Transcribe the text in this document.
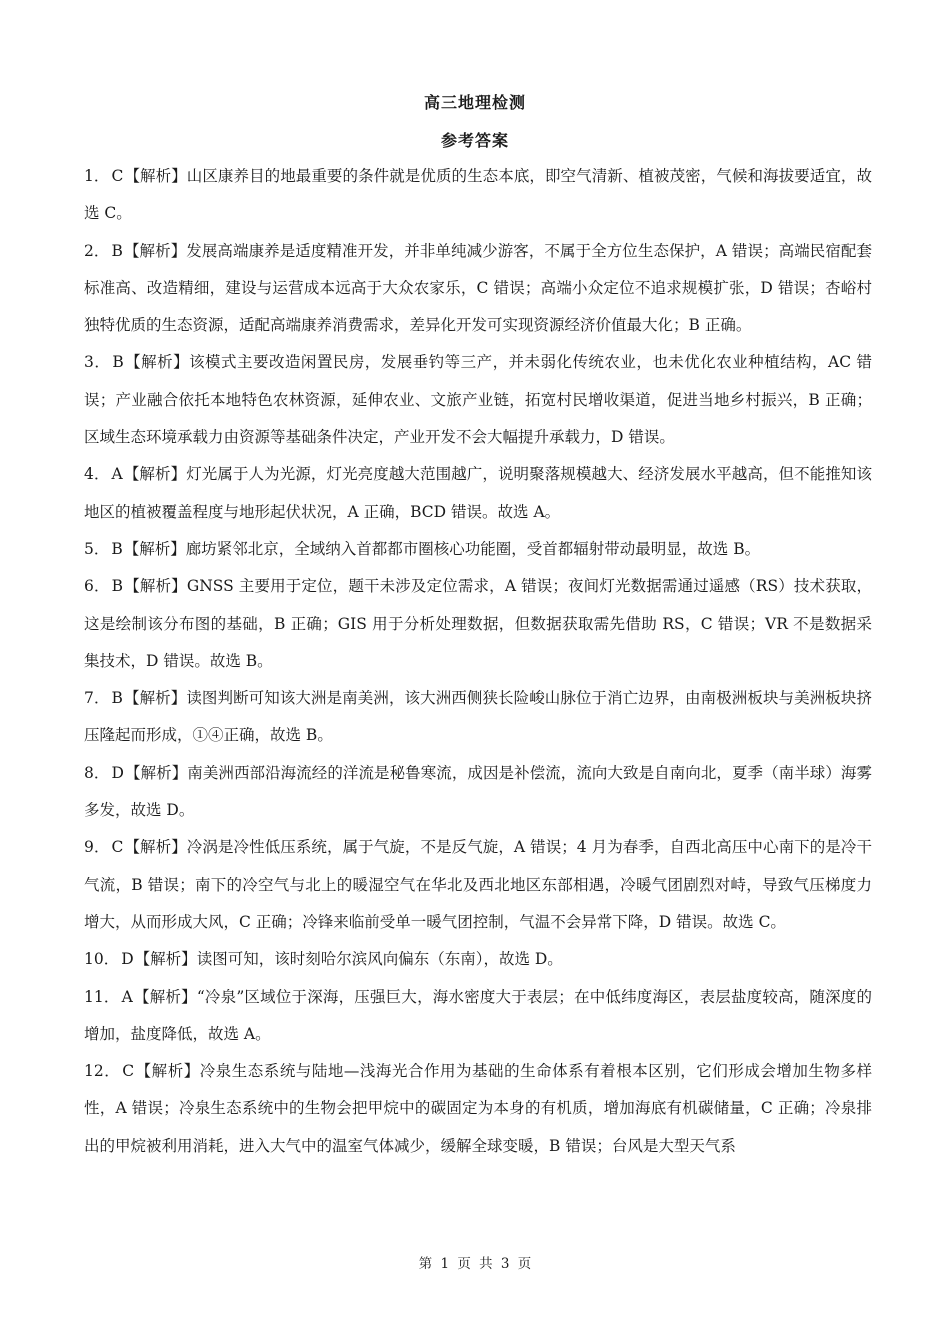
高三地理检测
参考答案

1． C【解析】山区康养目的地最重要的条件就是优质的生态本底，即空气清新、植被茂密，气候和海拔要适宜，故选 C。

2． B【解析】发展高端康养是适度精准开发，并非单纯减少游客，不属于全方位生态保护，A 错误；高端民宿配套标准高、改造精细，建设与运营成本远高于大众农家乐，C 错误；高端小众定位不追求规模扩张，D 错误；杏峪村独特优质的生态资源，适配高端康养消费需求，差异化开发可实现资源经济价值最大化；B 正确。

3． B【解析】该模式主要改造闲置民房，发展垂钓等三产，并未弱化传统农业，也未优化农业种植结构，AC 错误；产业融合依托本地特色农林资源，延伸农业、文旅产业链，拓宽村民增收渠道，促进当地乡村振兴，B 正确；区域生态环境承载力由资源等基础条件决定，产业开发不会大幅提升承载力，D 错误。

4． A【解析】灯光属于人为光源，灯光亮度越大范围越广，说明聚落规模越大、经济发展水平越高，但不能推知该地区的植被覆盖程度与地形起伏状况，A 正确，BCD 错误。故选 A。

5． B【解析】廊坊紧邻北京，全域纳入首都都市圈核心功能圈，受首都辐射带动最明显，故选 B。

6． B【解析】GNSS 主要用于定位，题干未涉及定位需求，A 错误；夜间灯光数据需通过遥感（RS）技术获取，这是绘制该分布图的基础，B 正确；GIS 用于分析处理数据，但数据获取需先借助 RS，C 错误；VR 不是数据采集技术，D 错误。故选 B。

7． B【解析】读图判断可知该大洲是南美洲，该大洲西侧狭长险峻山脉位于消亡边界，由南极洲板块与美洲板块挤压隆起而形成，①④正确，故选 B。

8． D【解析】南美洲西部沿海流经的洋流是秘鲁寒流，成因是补偿流，流向大致是自南向北，夏季（南半球）海雾多发，故选 D。

9． C【解析】冷涡是冷性低压系统，属于气旋，不是反气旋，A 错误；4 月为春季，自西北高压中心南下的是冷干气流，B 错误；南下的冷空气与北上的暖湿空气在华北及西北地区东部相遇，冷暖气团剧烈对峙，导致气压梯度力增大，从而形成大风，C 正确；冷锋来临前受单一暖气团控制，气温不会异常下降，D 错误。故选 C。

10． D【解析】读图可知，该时刻哈尔滨风向偏东（东南），故选 D。

11． A【解析】“冷泉”区域位于深海，压强巨大，海水密度大于表层；在中低纬度海区，表层盐度较高，随深度的增加，盐度降低，故选 A。

12． C【解析】冷泉生态系统与陆地—浅海光合作用为基础的生命体系有着根本区别，它们形成会增加生物多样性，A 错误；冷泉生态系统中的生物会把甲烷中的碳固定为本身的有机质，增加海底有机碳储量，C 正确；冷泉排出的甲烷被利用消耗，进入大气中的温室气体减少，缓解全球变暖，B 错误；台风是大型天气系

第 1 页 共 3 页
